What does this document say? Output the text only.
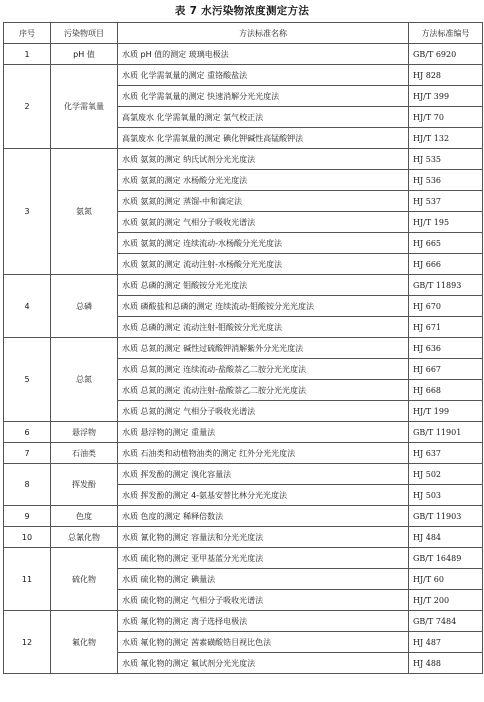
表 7 水污染物浓度测定方法
序号	污染物项目	方法标准名称	方法标准编号
1	pH 值	水质 pH 值的测定 玻璃电极法	GB/T 6920
2	化学需氧量	水质 化学需氧量的测定 重铬酸盐法	HJ 828
		水质 化学需氧量的测定 快速消解分光光度法	HJ/T 399
		高氯废水 化学需氧量的测定 氯气校正法	HJ/T 70
		高氯废水 化学需氧量的测定 碘化钾碱性高锰酸钾法	HJ/T 132
3	氨氮	水质 氨氮的测定 纳氏试剂分光光度法	HJ 535
		水质 氨氮的测定 水杨酸分光光度法	HJ 536
		水质 氨氮的测定 蒸馏-中和滴定法	HJ 537
		水质 氨氮的测定 气相分子吸收光谱法	HJ/T 195
		水质 氨氮的测定 连续流动-水杨酸分光光度法	HJ 665
		水质 氨氮的测定 流动注射-水杨酸分光光度法	HJ 666
4	总磷	水质 总磷的测定 钼酸铵分光光度法	GB/T 11893
		水质 磷酸盐和总磷的测定 连续流动-钼酸铵分光光度法	HJ 670
		水质 总磷的测定 流动注射-钼酸铵分光光度法	HJ 671
5	总氮	水质 总氮的测定 碱性过硫酸钾消解紫外分光光度法	HJ 636
		水质 总氮的测定 连续流动-盐酸萘乙二胺分光光度法	HJ 667
		水质 总氮的测定 流动注射-盐酸萘乙二胺分光光度法	HJ 668
		水质 总氮的测定 气相分子吸收光谱法	HJ/T 199
6	悬浮物	水质 悬浮物的测定 重量法	GB/T 11901
7	石油类	水质 石油类和动植物油类的测定 红外分光光度法	HJ 637
8	挥发酚	水质 挥发酚的测定 溴化容量法	HJ 502
		水质 挥发酚的测定 4-氨基安替比林分光光度法	HJ 503
9	色度	水质 色度的测定 稀释倍数法	GB/T 11903
10	总氰化物	水质 氰化物的测定 容量法和分光光度法	HJ 484
11	硫化物	水质 硫化物的测定 亚甲基蓝分光光度法	GB/T 16489
		水质 硫化物的测定 碘量法	HJ/T 60
		水质 硫化物的测定 气相分子吸收光谱法	HJ/T 200
12	氟化物	水质 氟化物的测定 离子选择电极法	GB/T 7484
		水质 氟化物的测定 茜素磺酸锆目视比色法	HJ 487
		水质 氟化物的测定 氟试剂分光光度法	HJ 488
